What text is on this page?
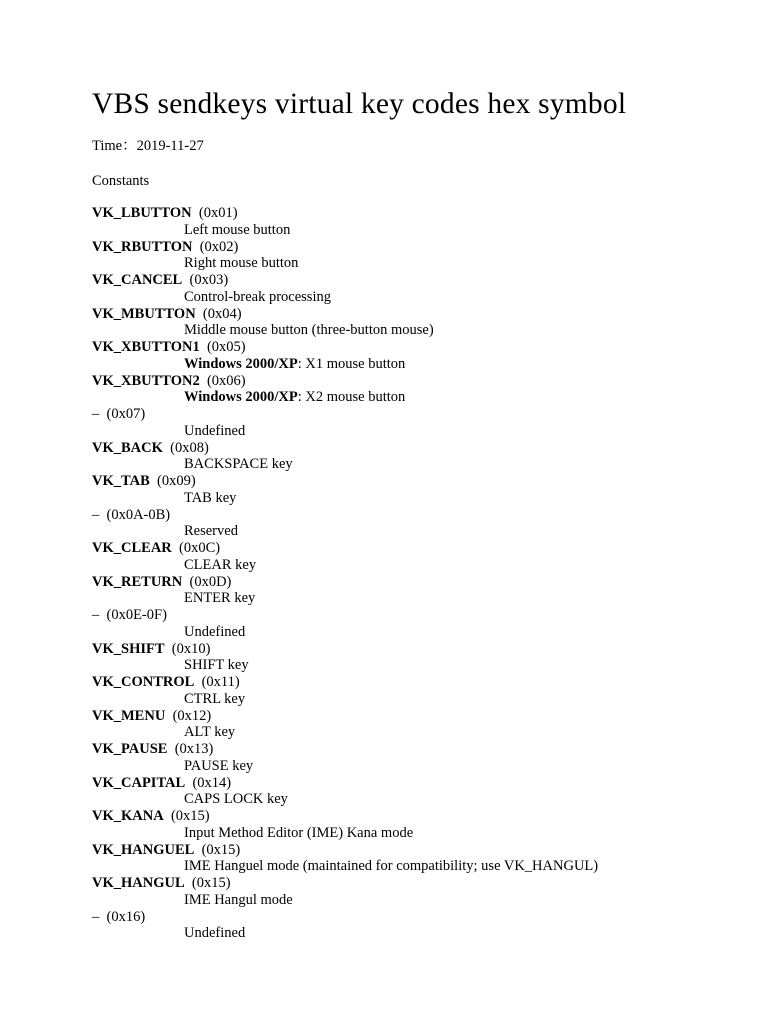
VBS sendkeys virtual key codes hex symbol
Time：2019-11-27
Constants
VK_LBUTTON (0x01)
Left mouse button
VK_RBUTTON (0x02)
Right mouse button
VK_CANCEL (0x03)
Control-break processing
VK_MBUTTON (0x04)
Middle mouse button (three-button mouse)
VK_XBUTTON1 (0x05)
Windows 2000/XP: X1 mouse button
VK_XBUTTON2 (0x06)
Windows 2000/XP: X2 mouse button
– (0x07)
Undefined
VK_BACK (0x08)
BACKSPACE key
VK_TAB (0x09)
TAB key
– (0x0A-0B)
Reserved
VK_CLEAR (0x0C)
CLEAR key
VK_RETURN (0x0D)
ENTER key
– (0x0E-0F)
Undefined
VK_SHIFT (0x10)
SHIFT key
VK_CONTROL (0x11)
CTRL key
VK_MENU (0x12)
ALT key
VK_PAUSE (0x13)
PAUSE key
VK_CAPITAL (0x14)
CAPS LOCK key
VK_KANA (0x15)
Input Method Editor (IME) Kana mode
VK_HANGUEL (0x15)
IME Hanguel mode (maintained for compatibility; use VK_HANGUL)
VK_HANGUL (0x15)
IME Hangul mode
– (0x16)
Undefined
